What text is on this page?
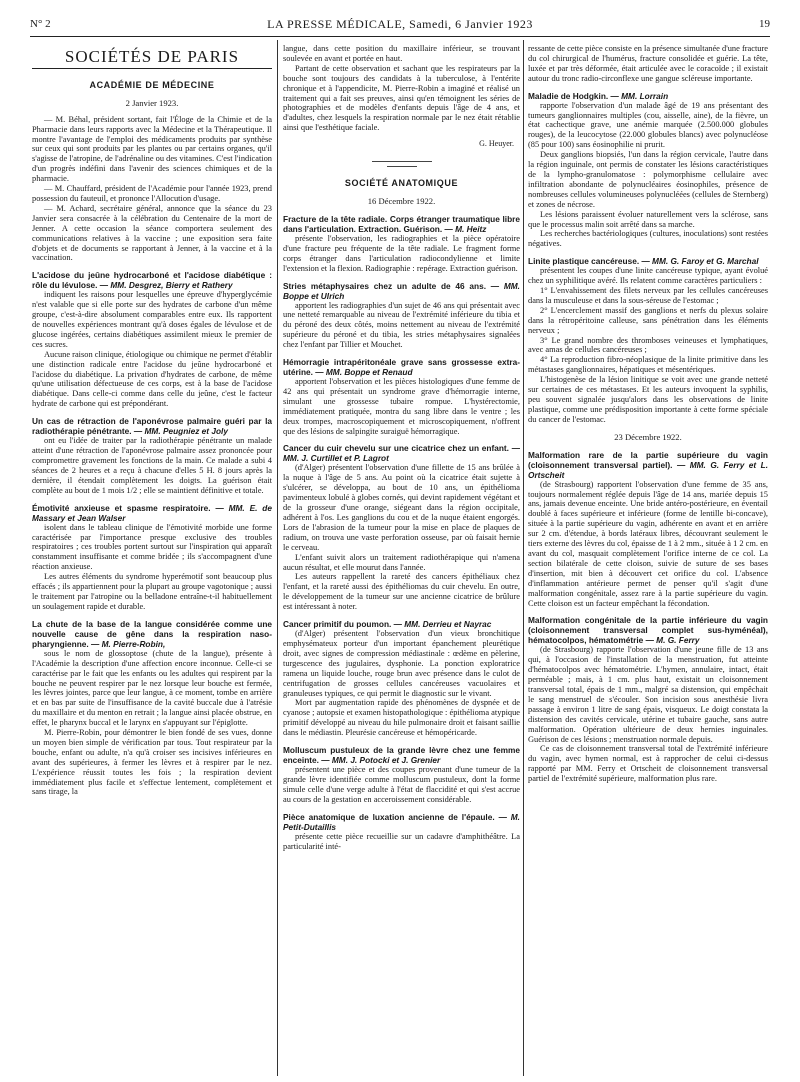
N° 2	LA PRESSE MÉDICALE, Samedi, 6 Janvier 1923	19
SOCIÉTÉS DE PARIS
ACADÉMIE DE MÉDECINE

2 Janvier 1923.

— M. Béhal, président sortant, fait l'Éloge de la Chimie et de la Pharmacie dans leurs rapports avec la Médecine et la Thérapeutique. Il montre l'avantage de l'emploi des médicaments produits par synthèse sur ceux qui sont produits par les plantes ou par certains organes, qu'il s'agisse de l'atropine, de l'adrénaline ou des vitamines. C'est l'indication d'un progrès indéfini dans l'avenir des sciences chimiques et de la pharmacie.

— M. Chauffard, président de l'Académie pour l'année 1923, prend possession du fauteuil, et prononce l'Allocution d'usage.

— M. Achard, secrétaire général, annonce que la séance du 23 Janvier sera consacrée à la célébration du Centenaire de la mort de Jenner. A cette occasion la séance comportera seulement des communications relatives à la vaccine ; une exposition sera faite d'objets et de documents se rapportant à Jenner, à la vaccine et à la vaccination.

L'acidose du jeûne hydrocarboné et l'acidose diabétique : rôle du lévulose. — MM. Desgrez, Bierry et Rathery

indiquent les raisons pour lesquelles une épreuve d'hyperglycémie n'est valable que si elle porte sur des hydrates de carbone d'un même groupe, c'est-à-dire absolument comparables entre eux. Ils rapportent de nouvelles expériences montrant qu'à doses égales de lévulose et de glucose ingérées, certains diabétiques assimilent mieux le premier de ces sucres.

Aucune raison clinique, étiologique ou chimique ne permet d'établir une distinction radicale entre l'acidose du jeûne hydrocarboné et l'acidose du diabétique. La privation d'hydrates de carbone, de même qu'une utilisation défectueuse de ces corps, est à la base de l'acidose diabétique. Dans celle-ci comme dans celle du jeûne, c'est le facteur hydrate de carbone qui est prépondérant.

Un cas de rétraction de l'aponévrose palmaire guéri par la radiothérapie pénétrante. — MM. Peugniez et Joly

ont eu l'idée de traiter par la radiothérapie pénétrante un malade atteint d'une rétraction de l'aponévrose palmaire assez prononcée pour compromettre gravement les fonctions de la main. Ce malade a subi 4 séances de 2 heures et a reçu à chacune d'elles 5 H. 8 jours après la dernière, il étendait complètement les doigts. La guérison était complète au bout de 1 mois 1/2 ; elle se maintient définitive et totale.

Émotivité anxieuse et spasme respiratoire. — MM. E. de Massary et Jean Walser

isolent dans le tableau clinique de l'émotivité morbide une forme caractérisée par l'importance presque exclusive des troubles respiratoires ; ces troubles portent surtout sur l'inspiration qui apparaît constamment insuffisante et comme bridée ; ils s'accompagnent d'une réaction anxieuse.

Les autres éléments du syndrome hyperémotif sont beaucoup plus effacés ; ils appartiennent pour la plupart au groupe vagotonique ; aussi le traitement par l'atropine ou la belladone entraîne-t-il habituellement un soulagement rapide et durable.

La chute de la base de la langue considérée comme une nouvelle cause de gêne dans la respiration naso-pharyngienne. — M. Pierre-Robin,

sous le nom de glossoptose (chute de la langue), présente à l'Académie la description d'une affection encore inconnue. Celle-ci se caractérise par le fait que les enfants ou les adultes qui respirent par la bouche ne peuvent respirer par le nez lorsque leur bouche est fermée, les lèvres jointes, parce que leur langue, à ce moment, tombe en arrière et en bas par suite de l'insuffisance de la cavité buccale due à l'atrésie du maxillaire et du menton en retrait ; la langue ainsi placée obstrue, en effet, le pharynx buccal et le larynx en s'appuyant sur l'épiglotte.

M. Pierre-Robin, pour démontrer le bien fondé de ses vues, donne un moyen bien simple de vérification par tous. Tout respirateur par la bouche, enfant ou adulte, n'a qu'à croiser ses incisives inférieures en avant des supérieures, à fermer les lèvres et à respirer par le nez. L'expérience réussit toutes les fois ; la respiration devient immédiatement plus facile et s'effectue lentement, complètement et sans tirage, la

langue, dans cette position du maxillaire inférieur, se trouvant soulevée en avant et portée en haut.

Partant de cette observation et sachant que les respirateurs par la bouche sont toujours des candidats à la tuberculose, à l'entérite chronique et à l'appendicite, M. Pierre-Robin a imaginé et réalisé un traitement qui a fait ses preuves, ainsi qu'en témoignent les séries de photographies et de modèles d'enfants depuis l'âge de 4 ans, et d'adultes, chez lesquels la respiration normale par le nez était rétablie ainsi que l'esthétique faciale.

G. Heuyer.

SOCIÉTÉ ANATOMIQUE

16 Décembre 1922.

Fracture de la tête radiale. Corps étranger traumatique libre dans l'articulation. Extraction. Guérison. — M. Heitz

présente l'observation, les radiographies et la pièce opératoire d'une fracture peu fréquente de la tête radiale. Le fragment forme corps étranger dans l'articulation radiocondylienne et limite l'extension et la flexion. Radiographie : repérage. Extraction guérison.

Stries métaphysaires chez un adulte de 46 ans. — MM. Boppe et Ulrich

apportent les radiographies d'un sujet de 46 ans qui présentait avec une netteté remarquable au niveau de l'extrémité inférieure du tibia et du péroné des deux côtés, moins nettement au niveau de l'extrémité supérieure du péroné et du tibia, les stries métaphysaires signalées chez l'enfant par Tillier et Mouchet.

Hémorragie intrapéritonéale grave sans grossesse extra-utérine. — MM. Boppe et Renaud

apportent l'observation et les pièces histologiques d'une femme de 42 ans qui présentait un syndrome grave d'hémorragie interne, simulant une grossesse tubaire rompue. L'hystérectomie, immédiatement pratiquée, montra du sang libre dans le ventre ; les deux trompes, macroscopiquement et microscopiquement, n'offrent que des lésions de salpingite suraiguë hémorragique.

Cancer du cuir chevelu sur une cicatrice chez un enfant. — MM. J. Curtillet et P. Lagrot

(d'Alger) présentent l'observation d'une fillette de 15 ans brûlée à la nuque à l'âge de 5 ans. Au point où la cicatrice était sujette à s'ulcérer, se développa, au bout de 10 ans, un épithélioma pavimenteux lobulé à globes cornés, qui devint rapidement végétant et de la grosseur d'une orange, siégeant dans la région occipitale, adhérent à l'os. Les ganglions du cou et de la nuque étaient engorgés. Lors de l'abrasion de la tumeur pour la mise en place de plaques de radium, on trouva une vaste perforation osseuse, par où faisait hernie le cerveau.

L'enfant suivit alors un traitement radiothérapique qui n'amena aucun résultat, et elle mourut dans l'année.

Les auteurs rappellent la rareté des cancers épithéliaux chez l'enfant, et la rareté aussi des épithéliomas du cuir chevelu. En outre, le développement de la tumeur sur une ancienne cicatrice de brûlure est intéressant à noter.

Cancer primitif du poumon. — MM. Derrieu et Nayrac

(d'Alger) présentent l'observation d'un vieux bronchitique emphysémateux porteur d'un important épanchement pleurétique droit, avec signes de compression médiastinale : œdème en pèlerine, turgescence des jugulaires, dysphonie. La ponction exploratrice ramena un liquide louche, rouge brun avec présence dans le culot de centrifugation de grosses cellules cancéreuses vacuolaires et granuleuses typiques, ce qui permit le diagnostic sur le vivant.

Mort par augmentation rapide des phénomènes de dyspnée et de cyanose ; autopsie et examen histopathologique : épithélioma atypique primitif développé au niveau du hile pulmonaire droit et faisant saillie dans le médiastin. Pleurésie cancéreuse et hémopéricarde.

Molluscum pustuleux de la grande lèvre chez une femme enceinte. — MM. J. Potocki et J. Grenier

présentent une pièce et des coupes provenant d'une tumeur de la grande lèvre identifiée comme molluscum pustuleux, dont la forme simule celle d'une verge adulte à l'état de flaccidité et qui s'est accrue au cours de la gestation en acceroissement considérable.

Pièce anatomique de luxation ancienne de l'épaule. — M. Petit-Dutaillis

présente cette pièce recueillie sur un cadavre d'amphithéâtre. La particularité inté-

ressante de cette pièce consiste en la présence simultanée d'une fracture du col chirurgical de l'humérus, fracture consolidée et guérie. La tête, luxée et par très déformée, était articulée avec le coracoïde ; il existait autour du tronc radio-circonflexe une gangue scléreuse importante.

Maladie de Hodgkin. — MM. Lorrain

rapporte l'observation d'un malade âgé de 19 ans présentant des tumeurs ganglionnaires multiples (cou, aisselle, aine), de la fièvre, un état cachectique grave, une anémie marquée (2.500.000 globules rouges), de la leucocytose (22.000 globules blancs) avec polynucléose (85 pour 100) sans éosinophilie ni prurit.

Deux ganglions biopsiés, l'un dans la région cervicale, l'autre dans la région inguinale, ont permis de constater les lésions caractéristiques de la lympho-granulomatose : polymorphisme cellulaire avec infiltration abondante de polynucléaires éosinophiles, présence de nombreuses cellules volumineuses polynucléées (cellules de Sternberg) et zones de nécrose.

Les lésions paraissent évoluer naturellement vers la sclérose, sans que le processus malin soit arrêté dans sa marche.

Les recherches bactériologiques (cultures, inoculations) sont restées négatives.

Linite plastique cancéreuse. — MM. G. Faroy et G. Marchal

présentent les coupes d'une linite cancéreuse typique, ayant évolué chez un syphilitique avéré. Ils relatent comme caractères particuliers :

1° L'envahissement des filets nerveux par les cellules cancéreuses dans la musculeuse et dans la sous-séreuse de l'estomac ;

2° L'encerclement massif des ganglions et nerfs du plexus solaire dans la rétropéritoine calleuse, sans pénétration dans les éléments nerveux ;

3° Le grand nombre des thromboses veineuses et lymphatiques, avec amas de cellules cancéreuses ;

4° La reproduction fibro-néoplasique de la linite primitive dans les métastases ganglionnaires, hépatiques et mésentériques.

L'histogenèse de la lésion linitique se voit avec une grande netteté sur certaines de ces métastases. Et les auteurs invoquent la syphilis, peu souvent signalée jusqu'alors dans les observations de linite plastique, comme une prédisposition importante à cette forme spéciale du cancer de l'estomac.

23 Décembre 1922.

Malformation rare de la partie supérieure du vagin (cloisonnement transversal partiel). — MM. G. Ferry et L. Ortscheit

(de Strasbourg) rapportent l'observation d'une femme de 35 ans, toujours normalement réglée depuis l'âge de 14 ans, mariée depuis 15 ans, jamais devenue enceinte. Une bride antéro-postérieure, en éventail doublé à faces supérieure et inférieure (forme de lentille bi-concave), située à la partie supérieure du vagin, adhérente en avant et en arrière sur 2 cm. d'étendue, à bords latéraux libres, découvrant seulement le tiers externe des lèvres du col, épaisse de 1 à 2 mm., située à 1 2 cm. en avant du col, masquait complètement l'orifice interne de ce col. La section bilatérale de cette cloison, suivie de suture de ses bases d'insertion, mit bien à découvert cet orifice du col. L'absence d'inflammation antérieure permet de penser qu'il s'agit d'une malformation congénitale, assez rare à la partie supérieure du vagin. Cette cloison est un facteur empêchant la fécondation.

Malformation congénitale de la partie inférieure du vagin (cloisonnement transversal complet sus-hyménéal), hématocolpos, hématométrie — M. G. Ferry

(de Strasbourg) rapporte l'observation d'une jeune fille de 13 ans qui, à l'occasion de l'installation de la menstruation, fut atteinte d'hématocolpos avec hématométrie. L'hymen, annulaire, intact, était perméable ; mais, à 1 cm. plus haut, existait un cloisonnement transversal total, épais de 1 mm., malgré sa distension, qui empêchait le sang menstruel de s'écouler. Son incision sous anesthésie livra passage à environ 1 litre de sang épais, visqueux. Le doigt constata la distension des cavités cervicale, utérine et tubaire gauche, sans autre malformation. Opération ultérieure de deux hernies inguinales. Guérison de ces lésions ; menstruation normale depuis.

Ce cas de cloisonnement transversal total de l'extrémité inférieure du vagin, avec hymen normal, est à rapprocher de celui ci-dessus rapporté par MM. Ferry et Ortscheit de cloisonnement transversal partiel de l'extrémité supérieure, malformation plus rare.
